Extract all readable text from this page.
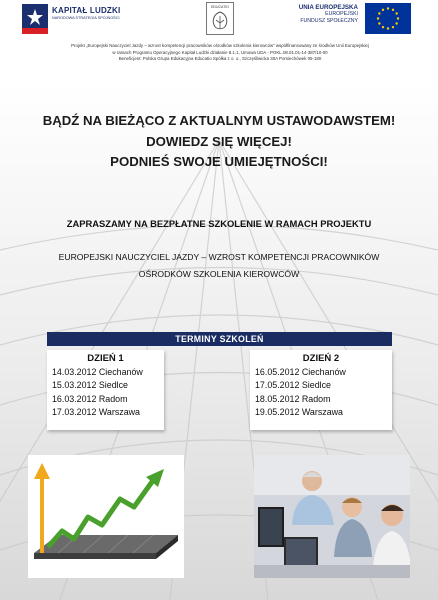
KAPITAŁ LUDZKI
NARODOWA STRATEGIA SPÓJNOŚCI
EDUCATIO	UNIA EUROPEJSKA
EUROPEJSKI
FUNDUSZ SPOŁECZNY
Projekt „Europejski Nauczyciel Jazdy – wzrost kompetencji pracowników ośrodków szkolenia kierowców” współfinansowany ze środków Unii Europejskiej
w ramach Programu Operacyjnego Kapitał Ludzki działanie 8.1.1, Umowa UDA - POKL.08.01.01-14-387/10-00
Beneficjent: Polska Grupa Edukacyjna Educatio Spółka z o. o., Szczęśliwicka 30A Pomiechówek 05-180
BĄDŹ NA BIEŻĄCO Z AKTUALNYM USTAWODAWSTEM!
DOWIEDZ SIĘ WIĘCEJ!
PODNIEŚ SWOJE UMIEJĘTNOŚCI!
ZAPRASZAMY NA BEZPŁATNE SZKOLENIE W RAMACH PROJEKTU
EUROPEJSKI NAUCZYCIEL JAZDY – WZROST KOMPETENCJI PRACOWNIKÓW
OŚRODKÓW SZKOLENIA KIEROWCÓW
TERMINY SZKOLEŃ
DZIEŃ 1
14.03.2012 Ciechanów
15.03.2012 Siedlce
16.03.2012 Radom
17.03.2012 Warszawa
DZIEŃ 2
16.05.2012 Ciechanów
17.05.2012 Siedlce
18.05.2012 Radom
19.05.2012 Warszawa
